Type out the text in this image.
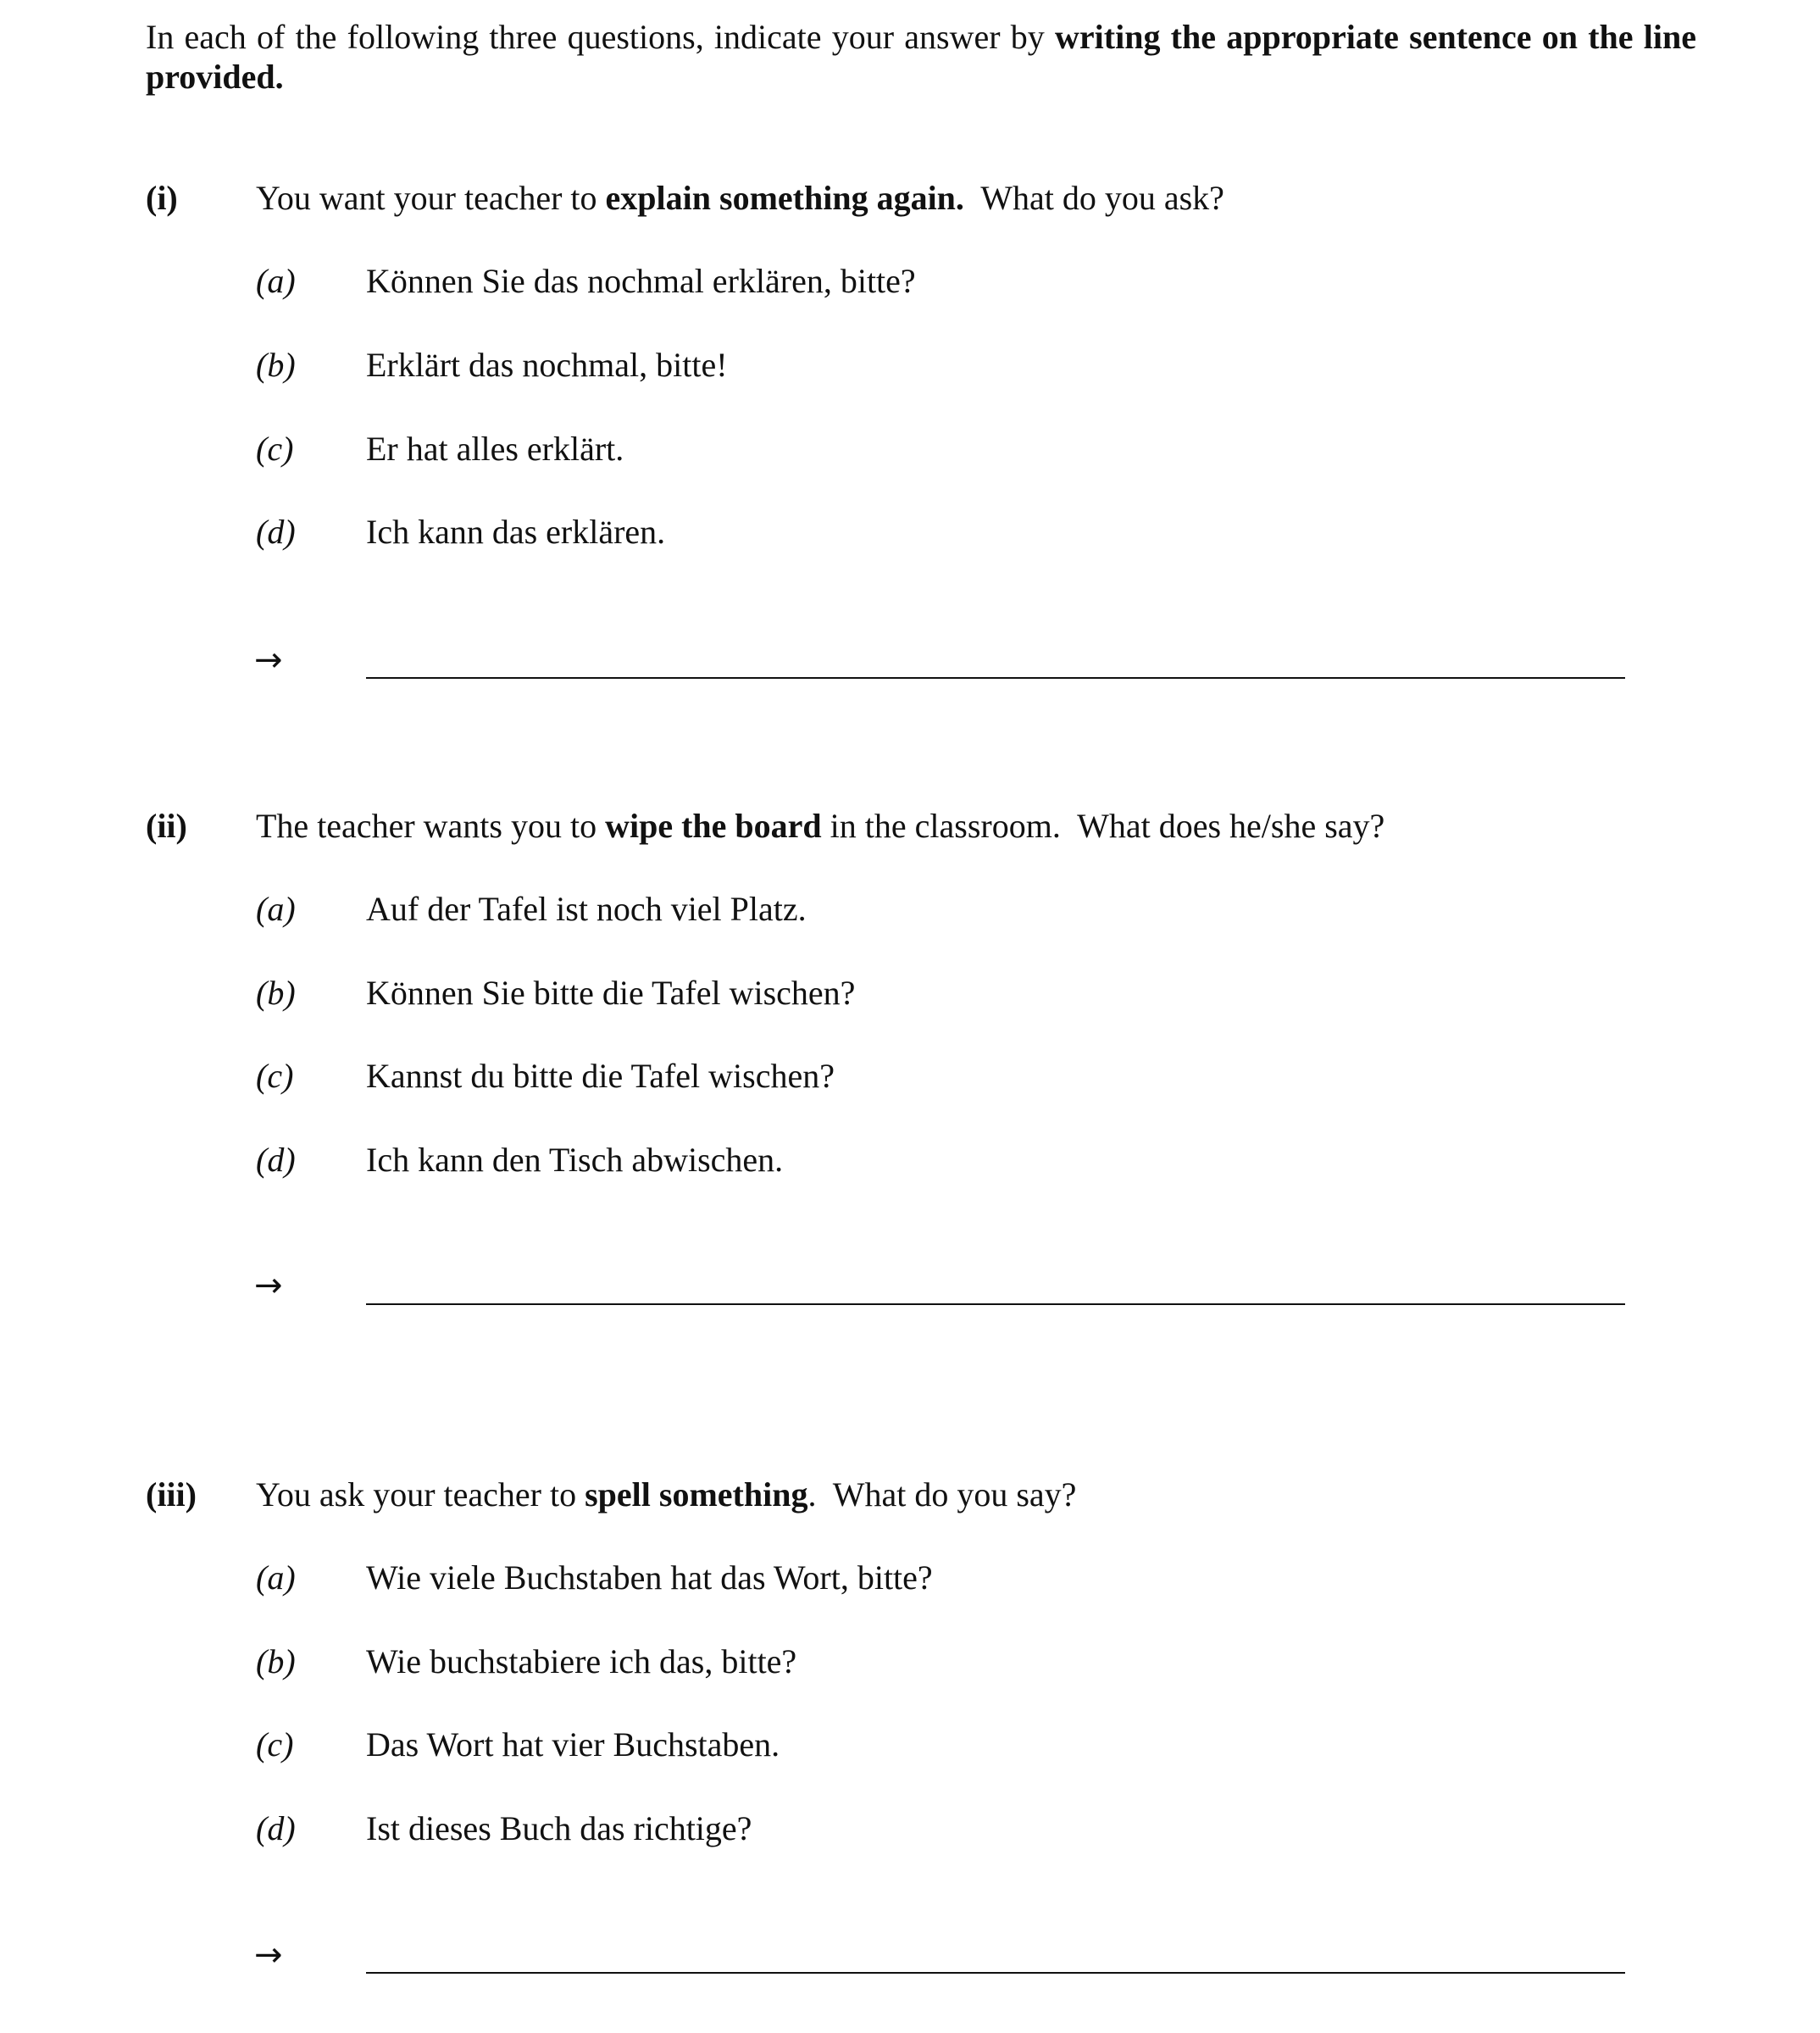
In each of the following three questions, indicate your answer by writing the appropriate sentence on the line provided.
(i) You want your teacher to explain something again.  What do you ask?
(a) Können Sie das nochmal erklären, bitte?
(b) Erklärt das nochmal, bitte!
(c) Er hat alles erklärt.
(d) Ich kann das erklären.
→
(ii) The teacher wants you to wipe the board in the classroom.  What does he/she say?
(a) Auf der Tafel ist noch viel Platz.
(b) Können Sie bitte die Tafel wischen?
(c) Kannst du bitte die Tafel wischen?
(d) Ich kann den Tisch abwischen.
→
(iii) You ask your teacher to spell something.  What do you say?
(a) Wie viele Buchstaben hat das Wort, bitte?
(b) Wie buchstabiere ich das, bitte?
(c) Das Wort hat vier Buchstaben.
(d) Ist dieses Buch das richtige?
→
